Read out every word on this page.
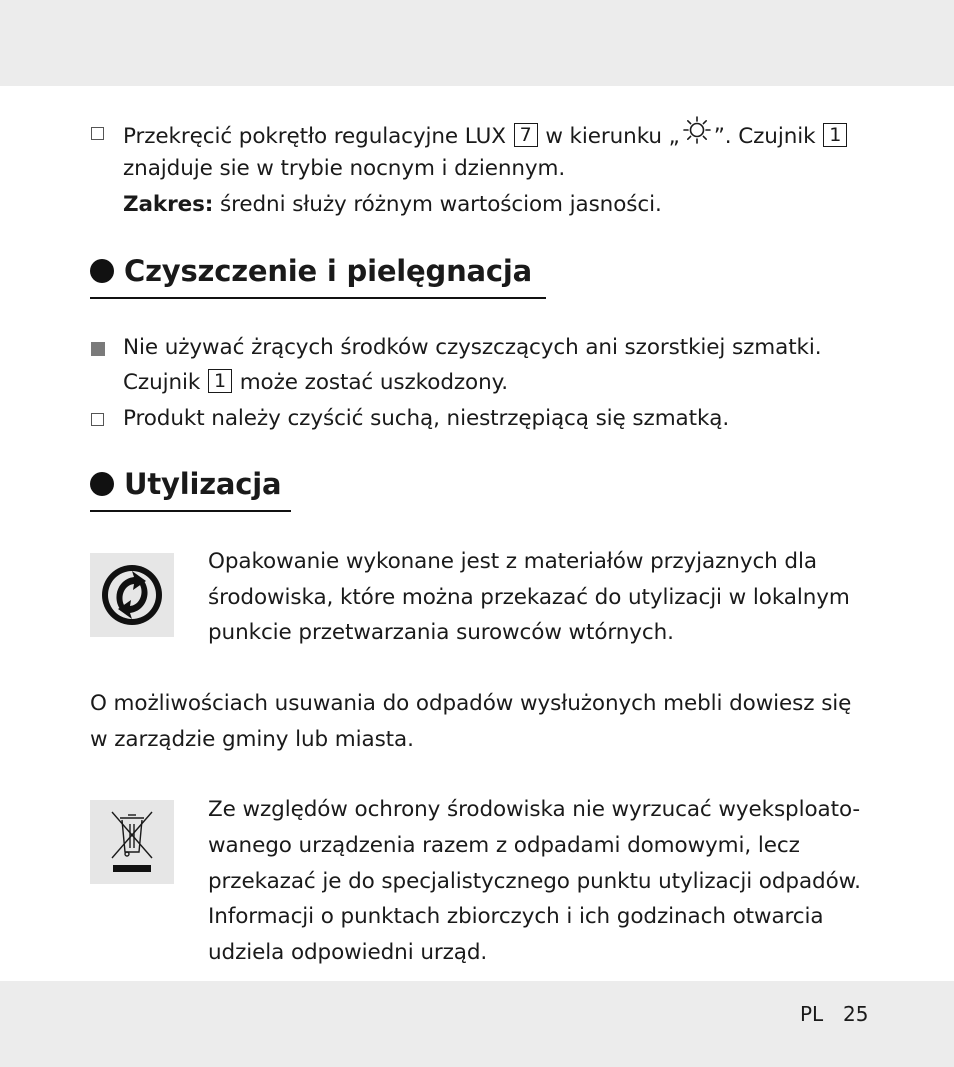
Przekręcić pokrętło regulacyjne LUX 7 w kierunku „ ”. Czujnik 1
znajduje sie w trybie nocnym i dziennym.
Zakres: średni służy różnym wartościom jasności.
Czyszczenie i pielęgnacja
Nie używać żrących środków czyszczących ani szorstkiej szmatki.
Czujnik 1 może zostać uszkodzony.
Produkt należy czyścić suchą, niestrzępiącą się szmatką.
Utylizacja
Opakowanie wykonane jest z materiałów przyjaznych dla
środowiska, które można przekazać do utylizacji w lokalnym
punkcie przetwarzania surowców wtórnych.
O możliwościach usuwania do odpadów wysłużonych mebli dowiesz się
w zarządzie gminy lub miasta.
Ze względów ochrony środowiska nie wyrzucać wyeksploato-
wanego urządzenia razem z odpadami domowymi, lecz
przekazać je do specjalistycznego punktu utylizacji odpadów.
Informacji o punktach zbiorczych i ich godzinach otwarcia
udziela odpowiedni urząd.
PL 25
